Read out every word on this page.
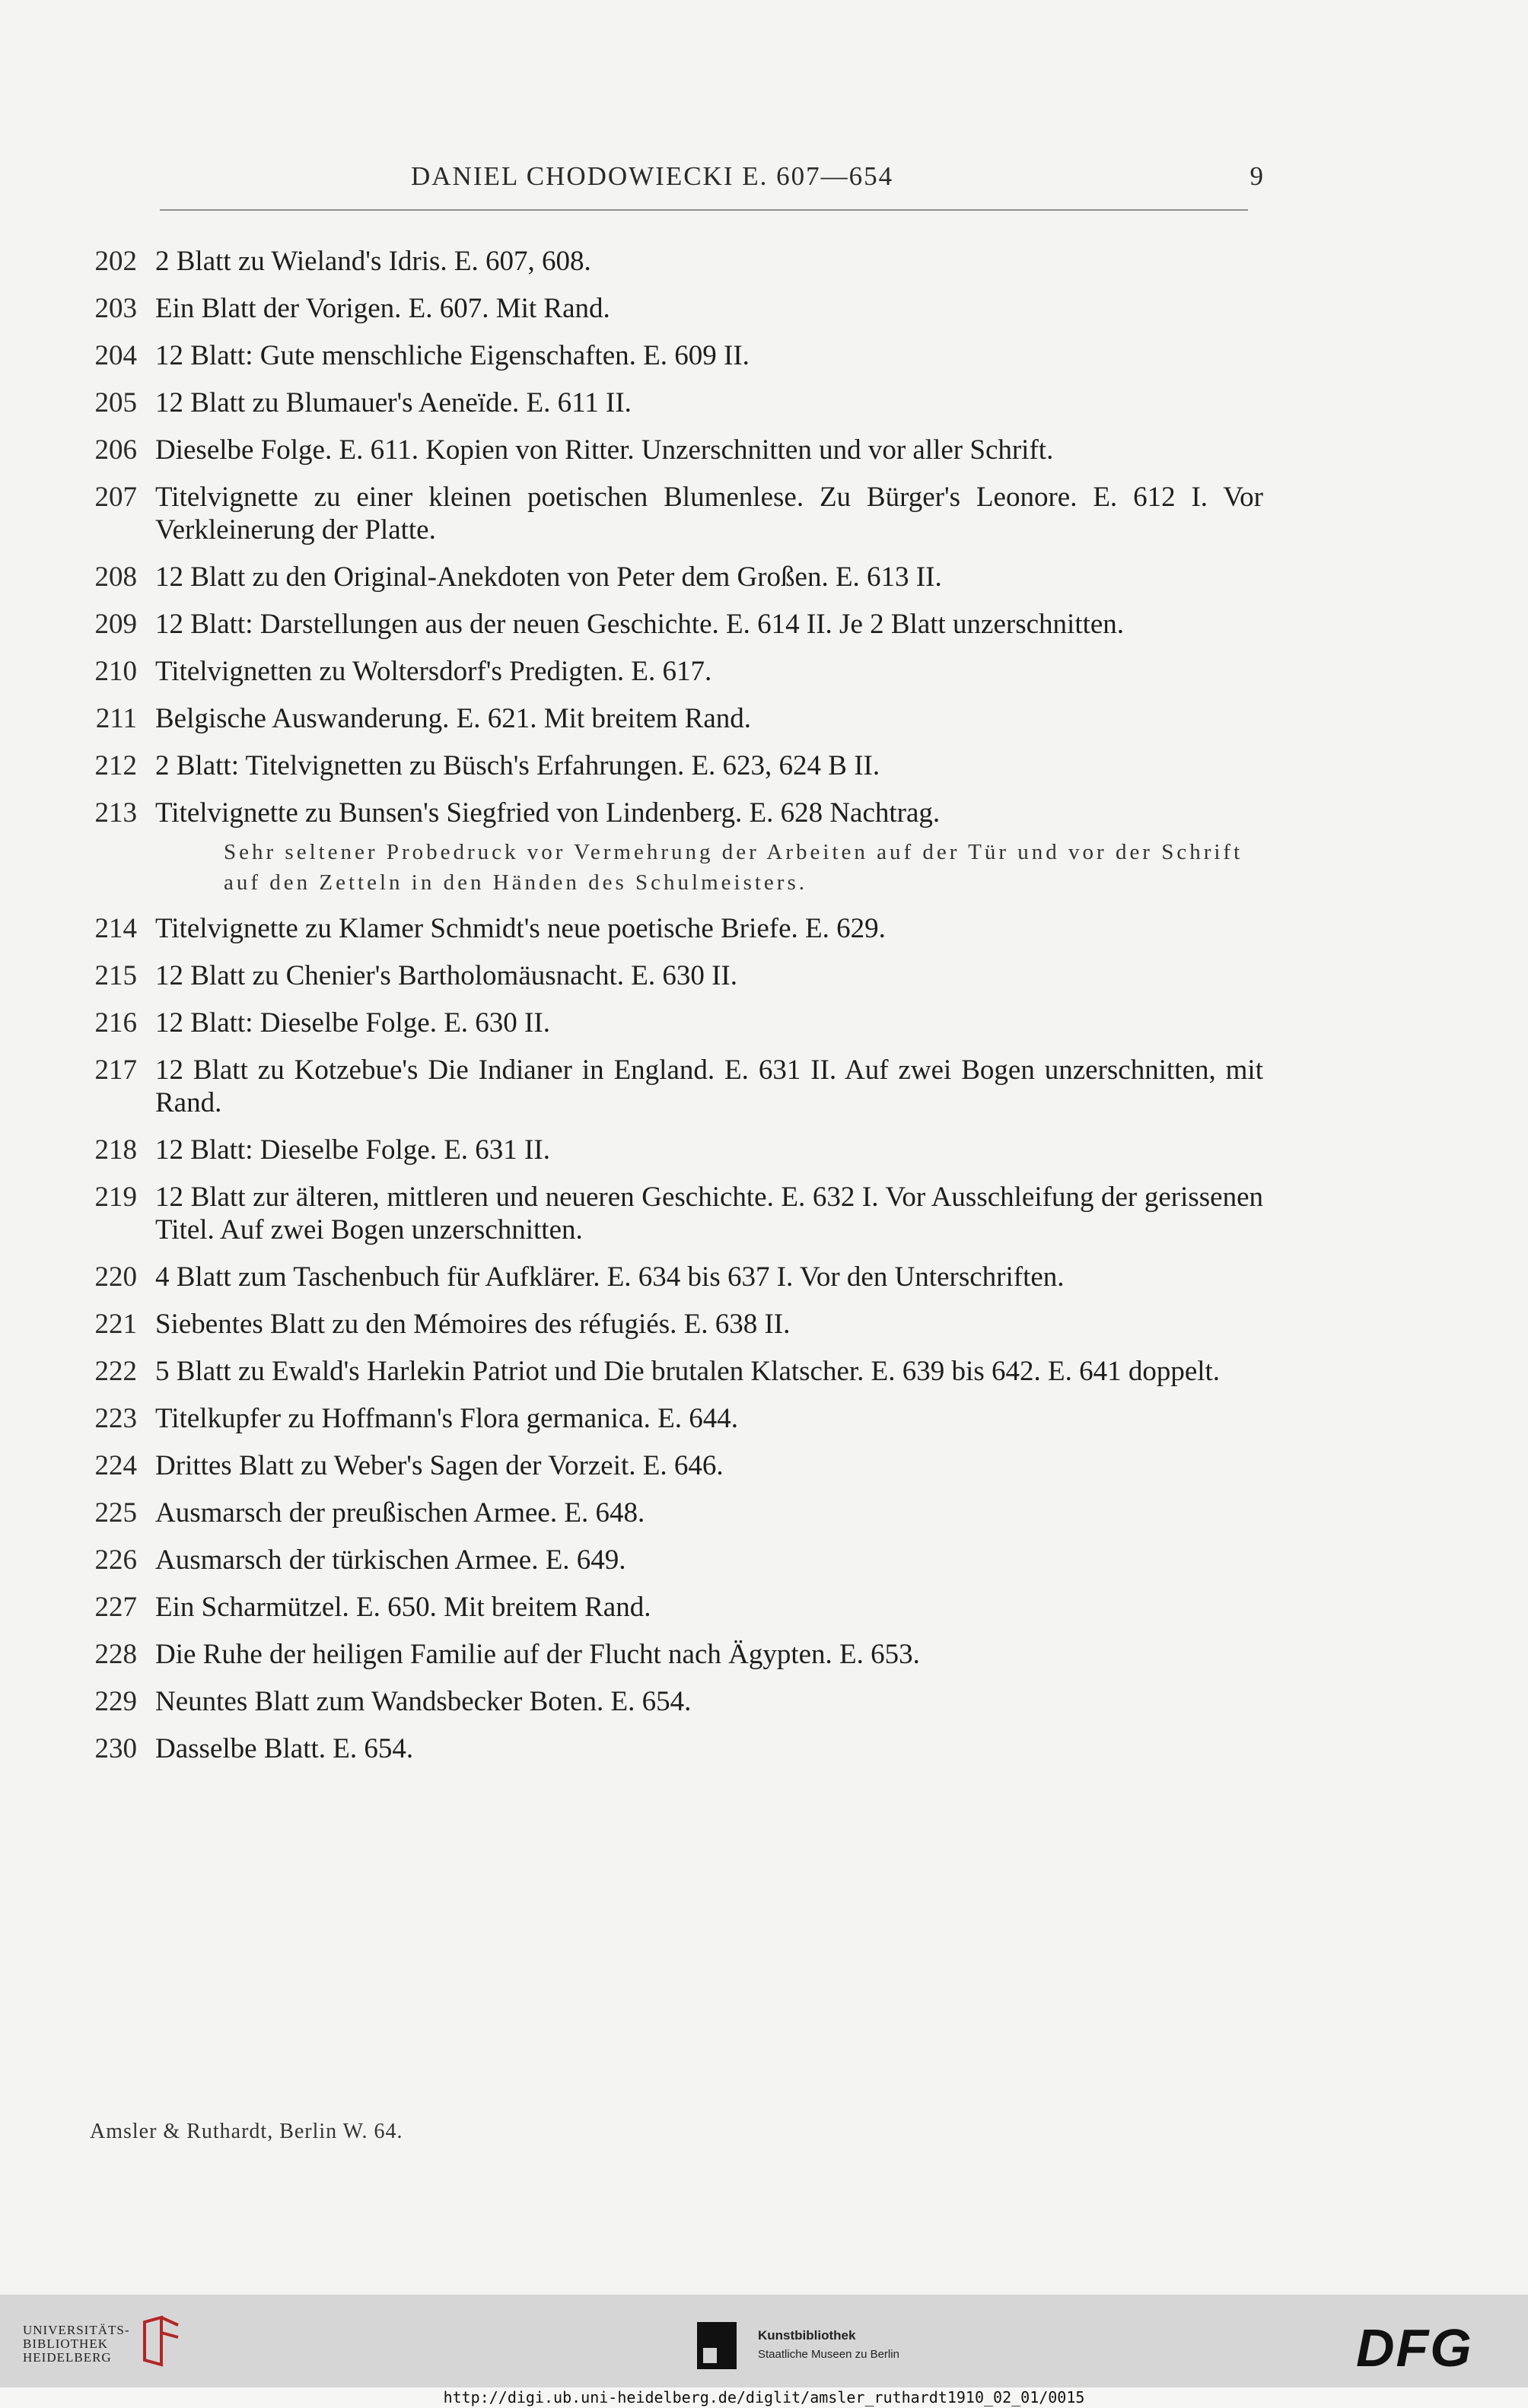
DANIEL CHODOWIECKI E. 607—654	9
202 2 Blatt zu Wieland's Idris. E. 607, 608.
203 Ein Blatt der Vorigen. E. 607. Mit Rand.
204 12 Blatt: Gute menschliche Eigenschaften. E. 609 II.
205 12 Blatt zu Blumauer's Aeneïde. E. 611 II.
206 Dieselbe Folge. E. 611. Kopien von Ritter. Unzerschnitten und vor aller Schrift.
207 Titelvignette zu einer kleinen poetischen Blumenlese. Zu Bürger's Leonore. E. 612 I. Vor Verkleinerung der Platte.
208 12 Blatt zu den Original-Anekdoten von Peter dem Großen. E. 613 II.
209 12 Blatt: Darstellungen aus der neuen Geschichte. E. 614 II. Je 2 Blatt unzerschnitten.
210 Titelvignetten zu Woltersdorf's Predigten. E. 617.
211 Belgische Auswanderung. E. 621. Mit breitem Rand.
212 2 Blatt: Titelvignetten zu Büsch's Erfahrungen. E. 623, 624 B II.
213 Titelvignette zu Bunsen's Siegfried von Lindenberg. E. 628 Nachtrag.
Sehr seltener Probedruck vor Vermehrung der Arbeiten auf der Tür und vor der Schrift auf den Zetteln in den Händen des Schulmeisters.
214 Titelvignette zu Klamer Schmidt's neue poetische Briefe. E. 629.
215 12 Blatt zu Chenier's Bartholomäusnacht. E. 630 II.
216 12 Blatt: Dieselbe Folge. E. 630 II.
217 12 Blatt zu Kotzebue's Die Indianer in England. E. 631 II. Auf zwei Bogen unzerschnitten, mit Rand.
218 12 Blatt: Dieselbe Folge. E. 631 II.
219 12 Blatt zur älteren, mittleren und neueren Geschichte. E. 632 I. Vor Ausschleifung der gerissenen Titel. Auf zwei Bogen unzerschnitten.
220 4 Blatt zum Taschenbuch für Aufklärer. E. 634 bis 637 I. Vor den Unterschriften.
221 Siebentes Blatt zu den Mémoires des réfugiés. E. 638 II.
222 5 Blatt zu Ewald's Harlekin Patriot und Die brutalen Klatscher. E. 639 bis 642. E. 641 doppelt.
223 Titelkupfer zu Hoffmann's Flora germanica. E. 644.
224 Drittes Blatt zu Weber's Sagen der Vorzeit. E. 646.
225 Ausmarsch der preußischen Armee. E. 648.
226 Ausmarsch der türkischen Armee. E. 649.
227 Ein Scharmützel. E. 650. Mit breitem Rand.
228 Die Ruhe der heiligen Familie auf der Flucht nach Ägypten. E. 653.
229 Neuntes Blatt zum Wandsbecker Boten. E. 654.
230 Dasselbe Blatt. E. 654.
Amsler & Ruthardt, Berlin W. 64.
UNIVERSITÄTS-
BIBLIOTHEK
HEIDELBERG
Kunstbibliothek
Staatliche Museen zu Berlin	DFG
http://digi.ub.uni-heidelberg.de/diglit/amsler_ruthardt1910_02_01/0015
